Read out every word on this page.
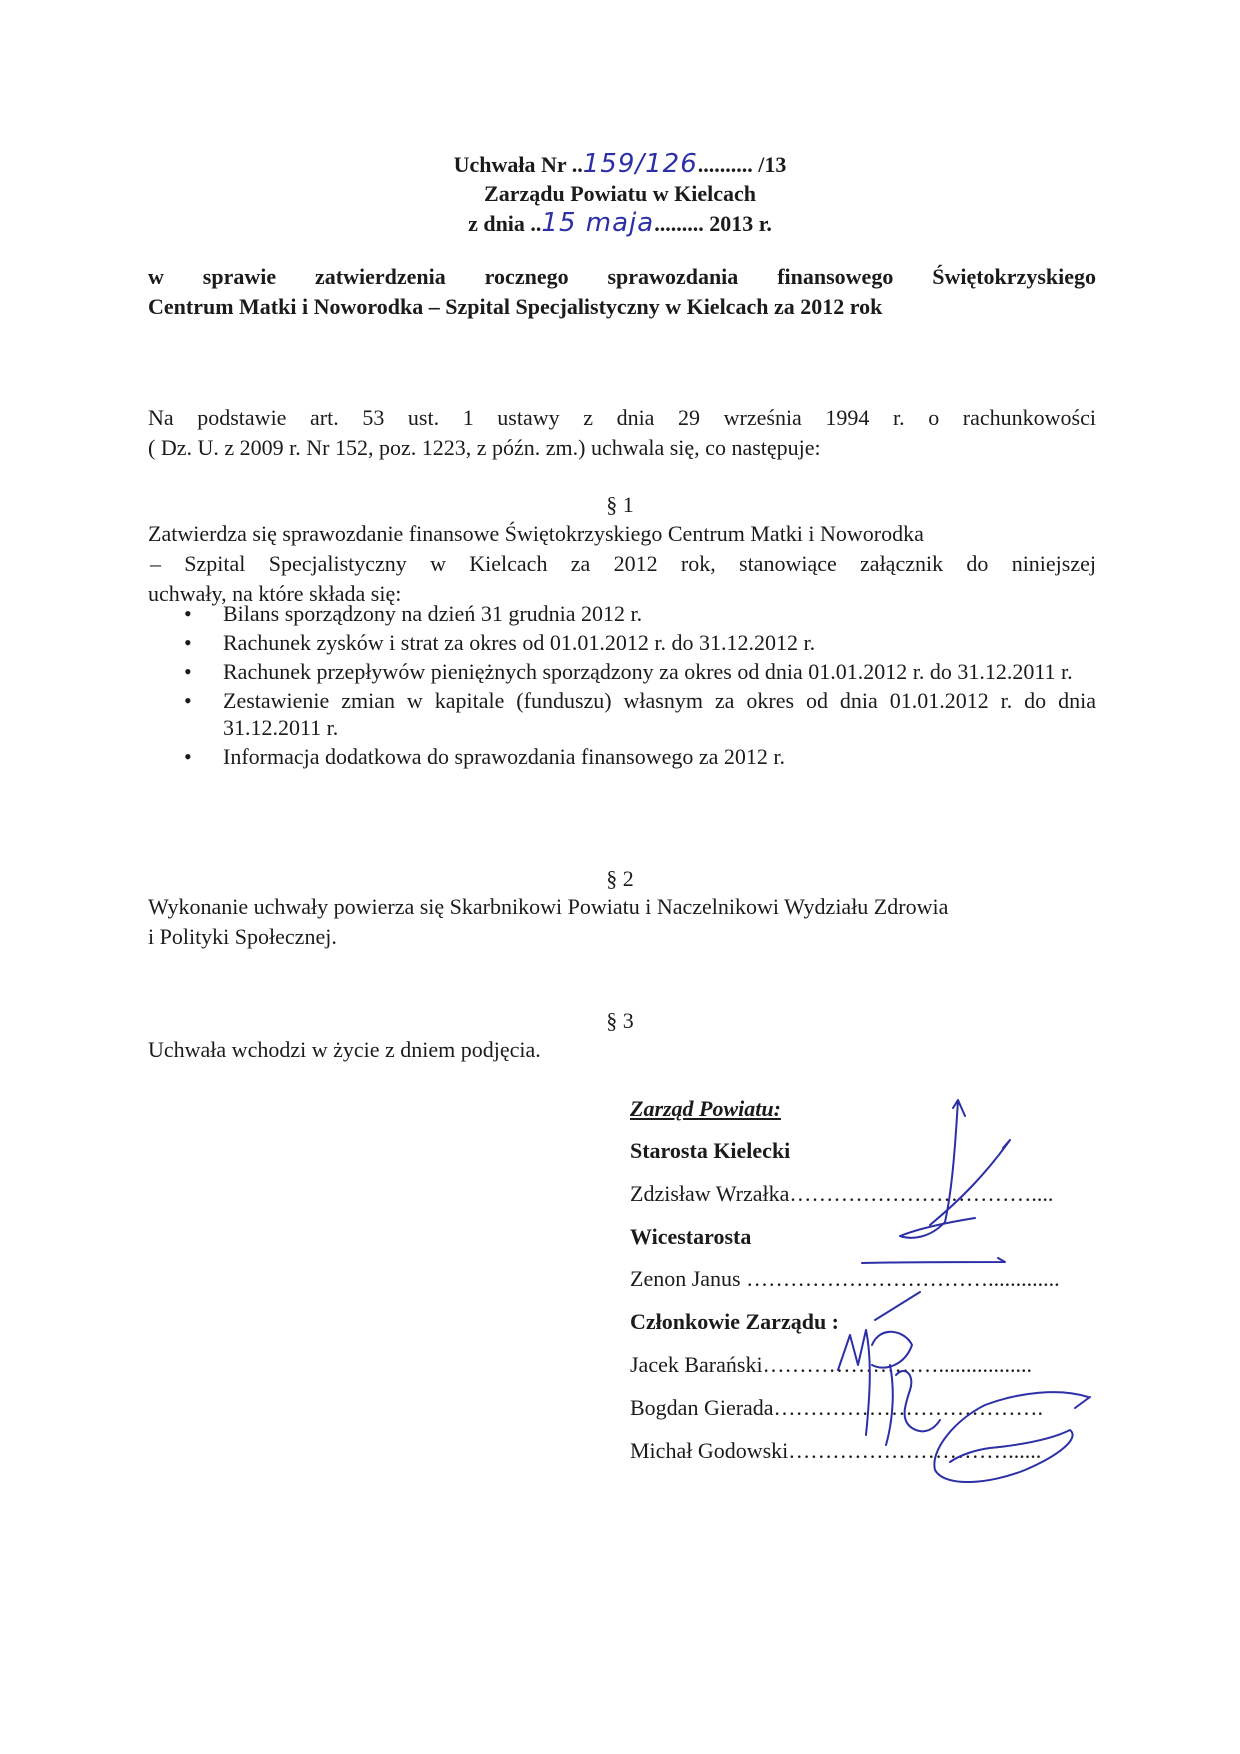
Uchwała Nr ..159/126.......... /13
Zarządu Powiatu w Kielcach
z dnia ..15 maja......... 2013 r.
w sprawie zatwierdzenia rocznego sprawozdania finansowego Świętokrzyskiego
Centrum Matki i Noworodka – Szpital Specjalistyczny w Kielcach za 2012 rok
Na podstawie art. 53 ust. 1 ustawy z dnia 29 września 1994 r. o rachunkowości
( Dz. U. z 2009 r. Nr 152, poz. 1223, z późn. zm.) uchwala się, co następuje:
§ 1
Zatwierdza się sprawozdanie finansowe Świętokrzyskiego Centrum Matki i Noworodka
– Szpital Specjalistyczny w Kielcach za 2012 rok, stanowiące załącznik do niniejszej
uchwały, na które składa się:
• Bilans sporządzony na dzień 31 grudnia 2012 r.
• Rachunek zysków i strat za okres od 01.01.2012 r. do 31.12.2012 r.
• Rachunek przepływów pieniężnych sporządzony za okres od dnia 01.01.2012 r. do 31.12.2011 r.
• Zestawienie zmian w kapitale (funduszu) własnym za okres od dnia 01.01.2012 r. do dnia 31.12.2011 r.
• Informacja dodatkowa do sprawozdania finansowego za 2012 r.
§ 2
Wykonanie uchwały powierza się Skarbnikowi Powiatu i Naczelnikowi Wydziału Zdrowia
i Polityki Społecznej.
§ 3
Uchwała wchodzi w życie z dniem podjęcia.
Zarząd Powiatu:
Starosta Kielecki
Zdzisław Wrzałka……………………………....
Wicestarosta
Zenon Janus …………………………….............
Członkowie Zarządu :
Jacek Barański…………………….................
Bogdan Gierada……………………………….
Michał Godowski…………………………......
